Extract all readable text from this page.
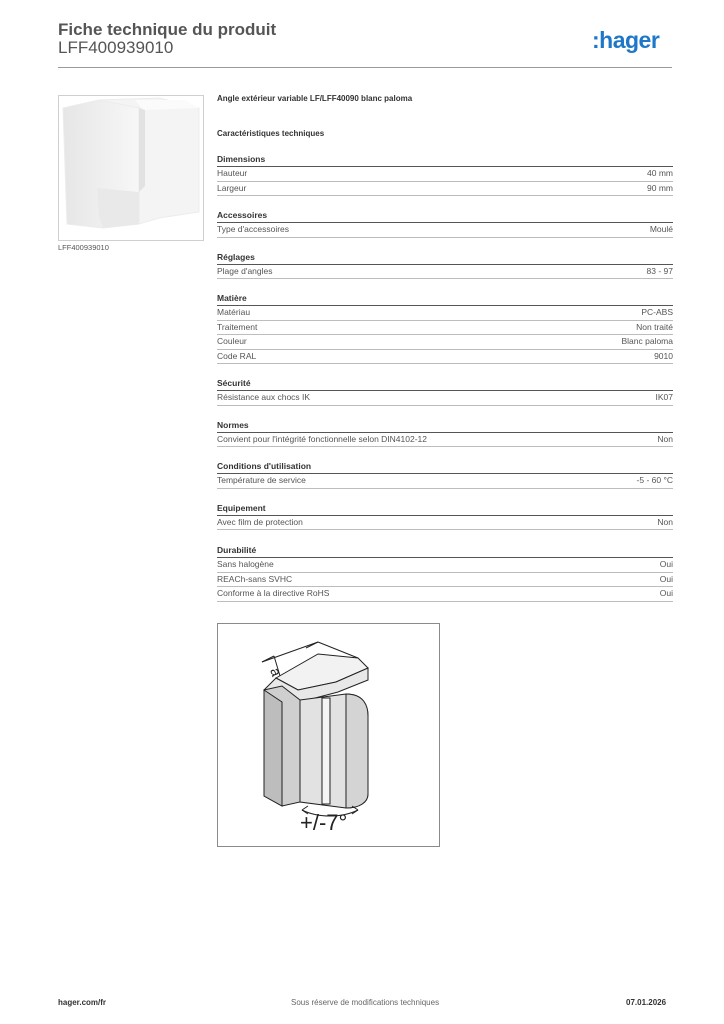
Fiche technique du produit
LFF400939010	:hager
LFF400939010
Angle extérieur variable LF/LFF40090 blanc paloma
Caractéristiques techniques
Dimensions
Hauteur	40 mm
Largeur	90 mm
Accessoires
Type d'accessoires	Moulé
Réglages
Plage d'angles	83 - 97
Matière
Matériau	PC-ABS
Traitement	Non traité
Couleur	Blanc paloma
Code RAL	9010
Sécurité
Résistance aux chocs IK	IK07
Normes
Convient pour l'intégrité fonctionnelle selon DIN4102-12	Non
Conditions d'utilisation
Température de service	-5 - 60 °C
Equipement
Avec film de protection	Non
Durabilité
Sans halogène	Oui
REACh-sans SVHC	Oui
Conforme à la directive RoHS	Oui
a
+/-7°
hager.com/fr	Sous réserve de modifications techniques	07.01.2026
